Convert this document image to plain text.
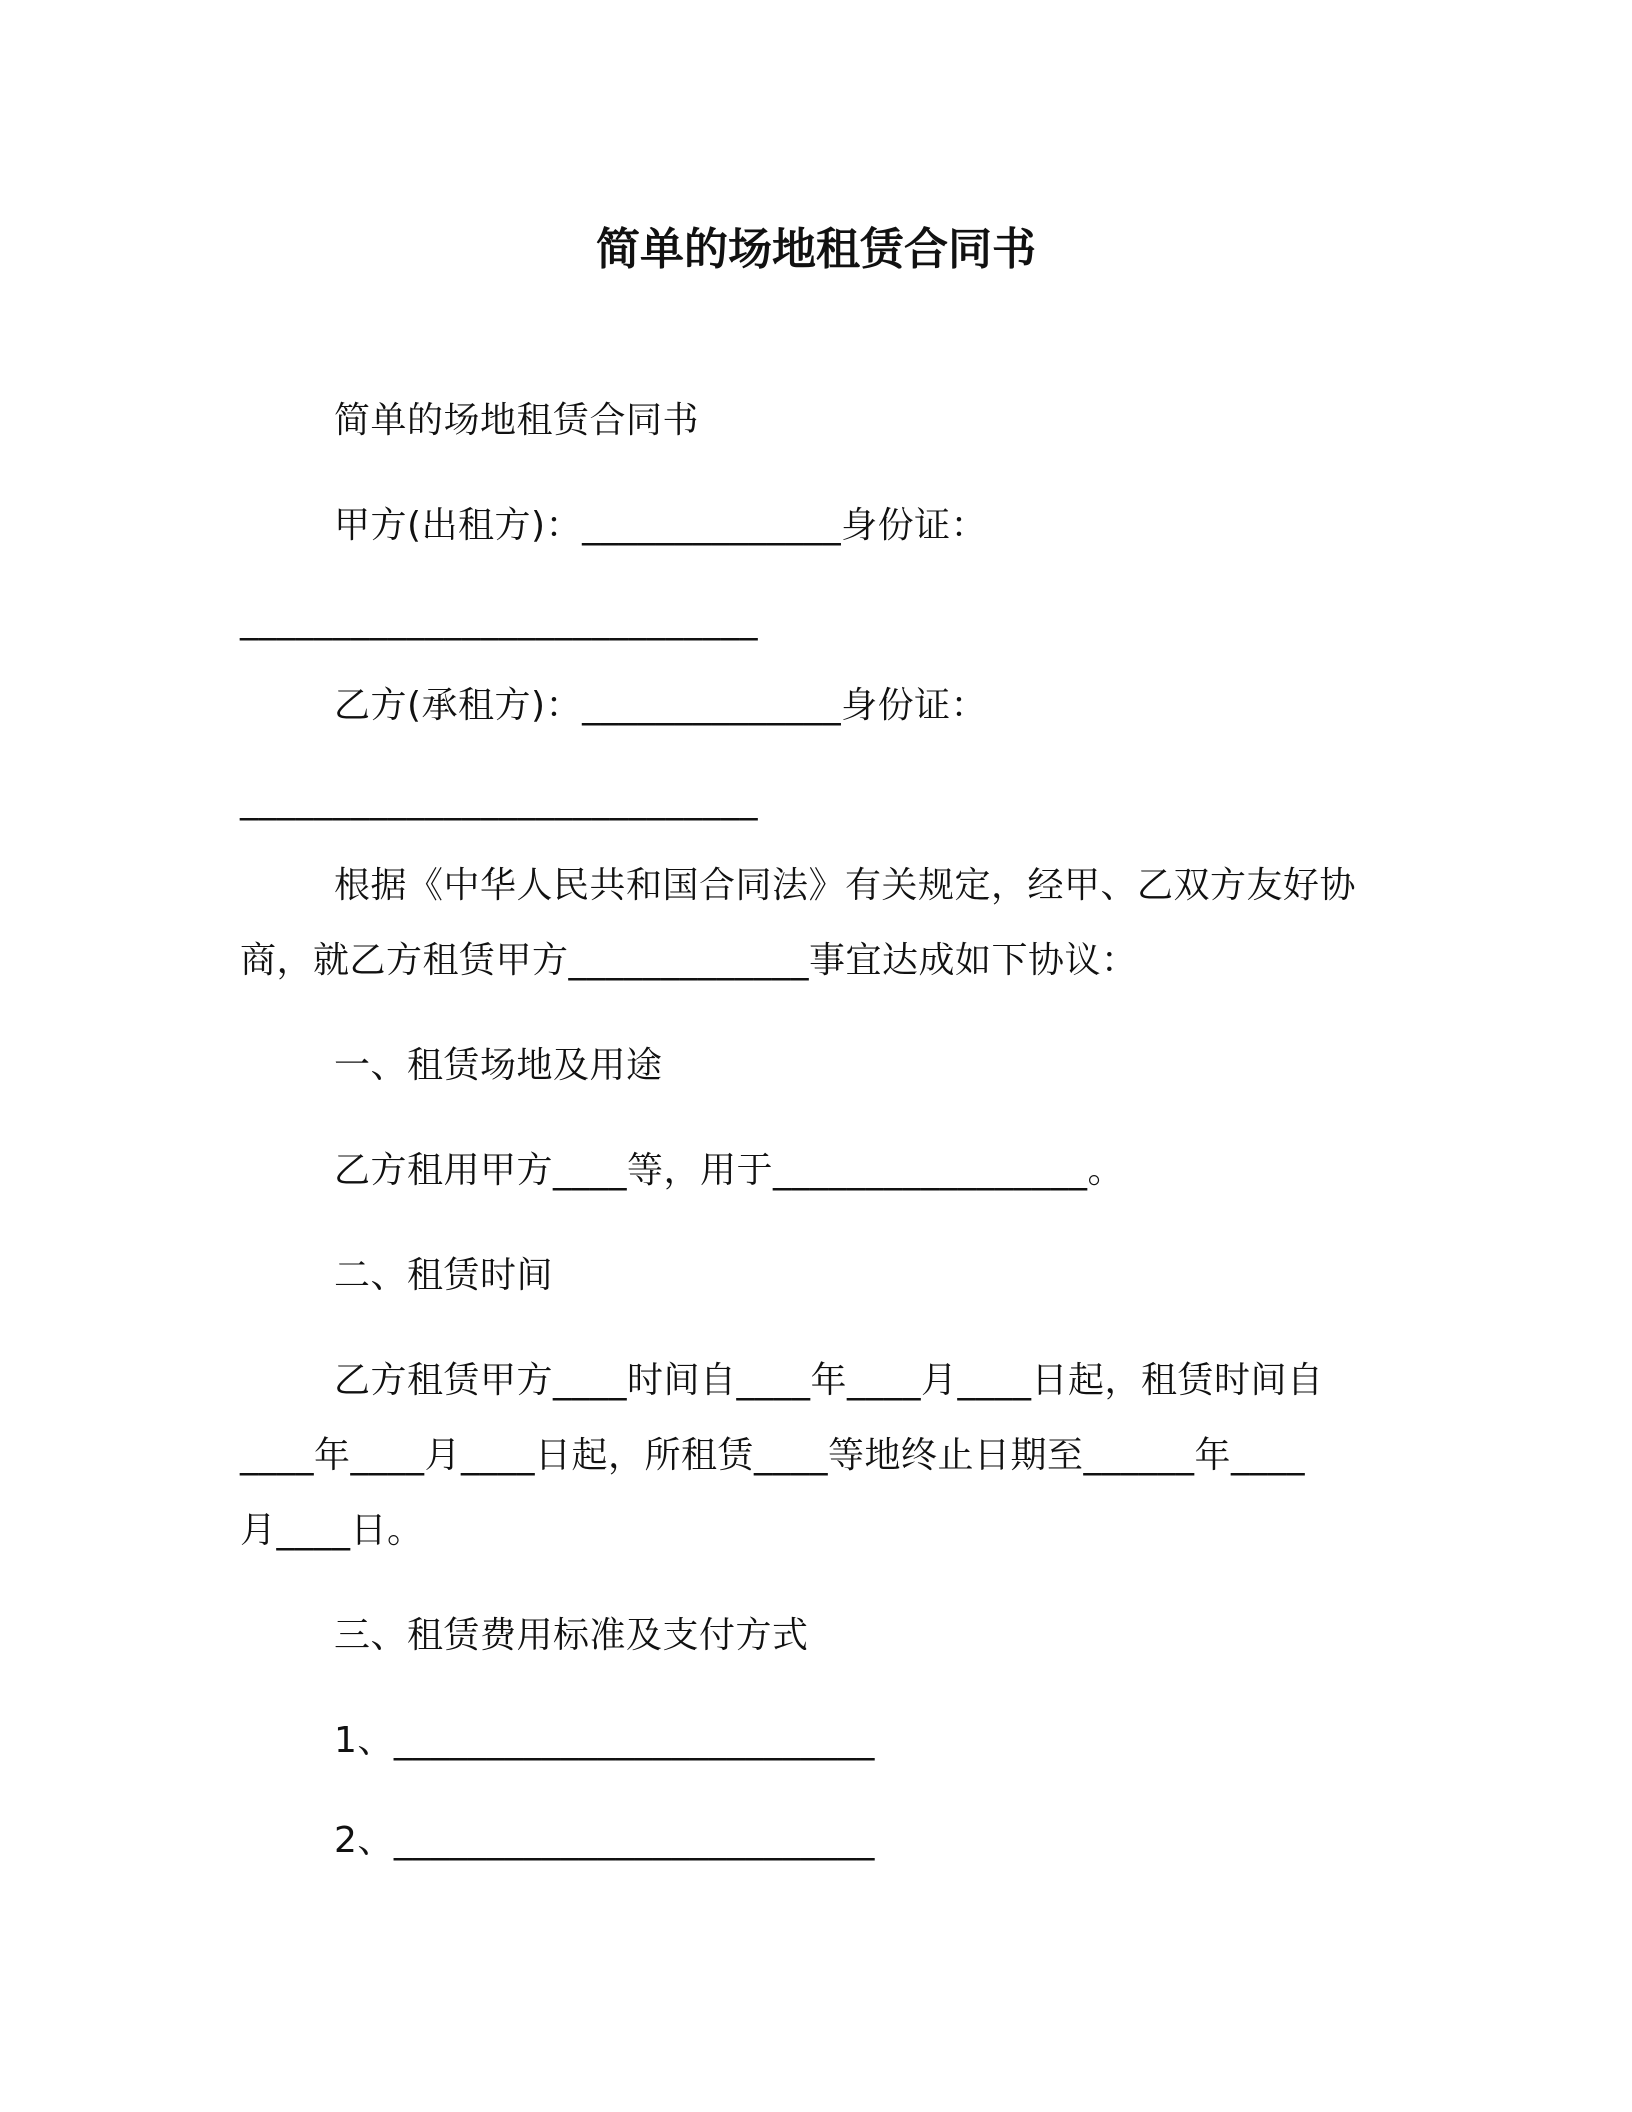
简单的场地租赁合同书
简单的场地租赁合同书
甲方(出租方)：______________身份证：
____________________________
乙方(承租方)：______________身份证：
____________________________
根据《中华人民共和国合同法》有关规定，经甲、乙双方友好协
商，就乙方租赁甲方_____________事宜达成如下协议：
一、租赁场地及用途
乙方租用甲方____等，用于_________________。
二、租赁时间
乙方租赁甲方____时间自____年____月____日起，租赁时间自
____年____月____日起，所租赁____等地终止日期至______年____
月____日。
三、租赁费用标准及支付方式
1、__________________________
2、__________________________
